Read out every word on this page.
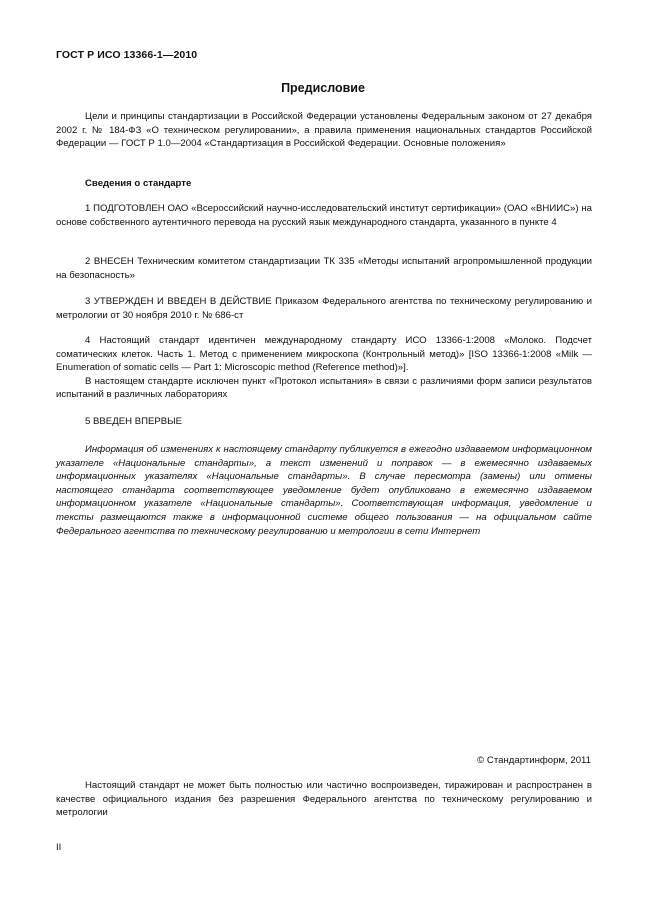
ГОСТ Р ИСО 13366-1—2010
Предисловие

Цели и принципы стандартизации в Российской Федерации установлены Федеральным законом от 27 декабря 2002 г. № 184-ФЗ «О техническом регулировании», а правила применения национальных стандартов Российской Федерации — ГОСТ Р 1.0—2004 «Стандартизация в Российской Федерации. Основные положения»

Сведения о стандарте

1 ПОДГОТОВЛЕН ОАО «Всероссийский научно-исследовательский институт сертификации» (ОАО «ВНИИС») на основе собственного аутентичного перевода на русский язык международного стандарта, указанного в пункте 4

2 ВНЕСЕН Техническим комитетом стандартизации ТК 335 «Методы испытаний агропромышленной продукции на безопасность»

3 УТВЕРЖДЕН И ВВЕДЕН В ДЕЙСТВИЕ Приказом Федерального агентства по техническому регулированию и метрологии от 30 ноября 2010 г. № 686-ст

4 Настоящий стандарт идентичен международному стандарту ИСО 13366-1:2008 «Молоко. Подсчет соматических клеток. Часть 1. Метод с применением микроскопа (Контрольный метод)» [ISO 13366-1:2008 «Milk — Enumeration of somatic cells — Part 1: Microscopic method (Reference method)»].

В настоящем стандарте исключен пункт «Протокол испытания» в связи с различиями форм записи результатов испытаний в различных лабораториях

5 ВВЕДЕН ВПЕРВЫЕ

Информация об изменениях к настоящему стандарту публикуется в ежегодно издаваемом информационном указателе «Национальные стандарты», а текст изменений и поправок — в ежемесячно издаваемых информационных указателях «Национальные стандарты». В случае пересмотра (замены) или отмены настоящего стандарта соответствующее уведомление будет опубликовано в ежемесячно издаваемом информационном указателе «Национальные стандарты». Соответствующая информация, уведомление и тексты размещаются также в информационной системе общего пользования — на официальном сайте Федерального агентства по техническому регулированию и метрологии в сети Интернет

© Стандартинформ, 2011

Настоящий стандарт не может быть полностью или частично воспроизведен, тиражирован и распространен в качестве официального издания без разрешения Федерального агентства по техническому регулированию и метрологии

II
